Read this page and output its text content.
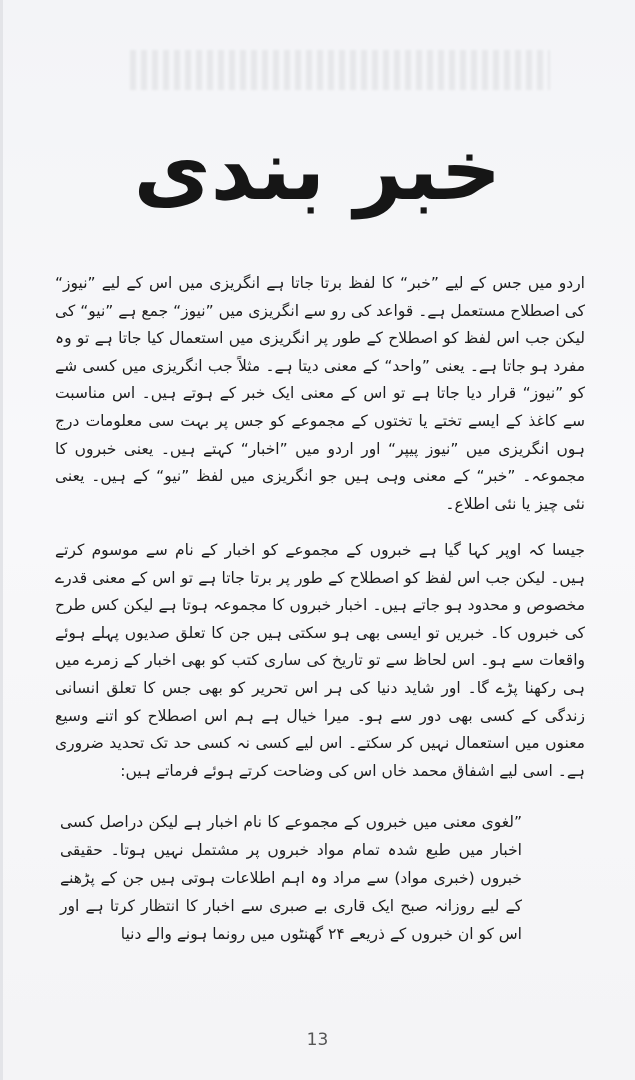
خبر بندی

اردو میں جس کے لیے ”خبر“ کا لفظ برتا جاتا ہے انگریزی میں اس کے لیے ”نیوز“ کی اصطلاح مستعمل ہے۔ قواعد کی رو سے انگریزی میں ”نیوز“ جمع ہے ”نیو“ کی لیکن جب اس لفظ کو اصطلاح کے طور پر انگریزی میں استعمال کیا جاتا ہے تو وہ مفرد ہو جاتا ہے۔ یعنی ”واحد“ کے معنی دیتا ہے۔ مثلاً جب انگریزی میں کسی شے کو ”نیوز“ قرار دیا جاتا ہے تو اس کے معنی ایک خبر کے ہوتے ہیں۔ اس مناسبت سے کاغذ کے ایسے تختے یا تختوں کے مجموعے کو جس پر بہت سی معلومات درج ہوں انگریزی میں ”نیوز پیپر“ اور اردو میں ”اخبار“ کہتے ہیں۔ یعنی خبروں کا مجموعہ۔ ”خبر“ کے معنی وہی ہیں جو انگریزی میں لفظ ”نیو“ کے ہیں۔ یعنی نئی چیز یا نئی اطلاع۔

جیسا کہ اوپر کہا گیا ہے خبروں کے مجموعے کو اخبار کے نام سے موسوم کرتے ہیں۔ لیکن جب اس لفظ کو اصطلاح کے طور پر برتا جاتا ہے تو اس کے معنی قدرے مخصوص و محدود ہو جاتے ہیں۔ اخبار خبروں کا مجموعہ ہوتا ہے لیکن کس طرح کی خبروں کا۔ خبریں تو ایسی بھی ہو سکتی ہیں جن کا تعلق صدیوں پہلے ہوئے واقعات سے ہو۔ اس لحاظ سے تو تاریخ کی ساری کتب کو بھی اخبار کے زمرے میں ہی رکھنا پڑے گا۔ اور شاید دنیا کی ہر اس تحریر کو بھی جس کا تعلق انسانی زندگی کے کسی بھی دور سے ہو۔ میرا خیال ہے ہم اس اصطلاح کو اتنے وسیع معنوں میں استعمال نہیں کر سکتے۔ اس لیے کسی نہ کسی حد تک تحدید ضروری ہے۔ اسی لیے اشفاق محمد خاں اس کی وضاحت کرتے ہوئے فرماتے ہیں:

”لغوی معنی میں خبروں کے مجموعے کا نام اخبار ہے لیکن دراصل کسی اخبار میں طبع شدہ تمام مواد خبروں پر مشتمل نہیں ہوتا۔ حقیقی خبروں (خبری مواد) سے مراد وہ اہم اطلاعات ہوتی ہیں جن کے پڑھنے کے لیے روزانہ صبح ایک قاری بے صبری سے اخبار کا انتظار کرتا ہے اور اس کو ان خبروں کے ذریعے ۲۴ گھنٹوں میں رونما ہونے والے دنیا

13
